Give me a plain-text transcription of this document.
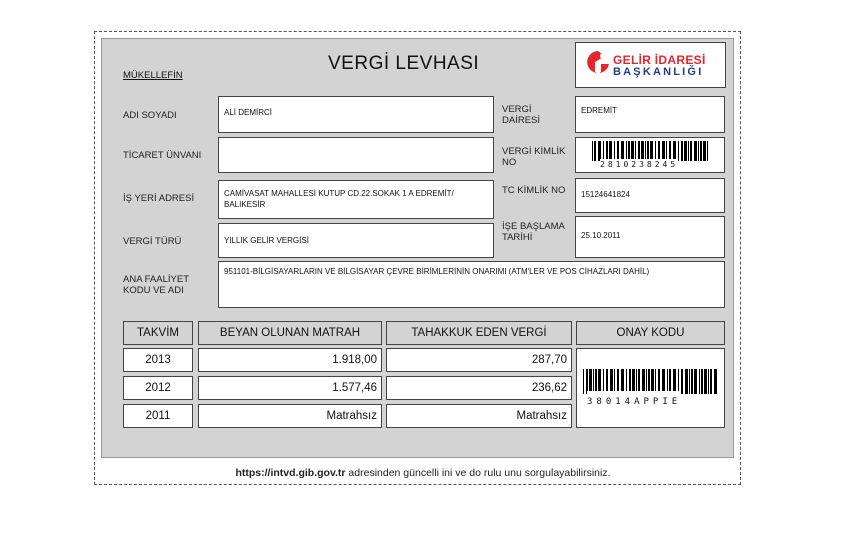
VERGİ LEVHASI
MÜKELLEFİN
GELİR İDARESİ
BAŞKANLIĞI
ADI SOYADI	ALİ DEMİRCİ
TİCARET ÜNVANI
İŞ YERİ ADRESİ	CAMİVASAT MAHALLESİ KUTUP CD.22.SOKAK 1 A EDREMİT/ BALIKESİR
VERGİ TÜRÜ	YILLIK GELİR VERGİSİ
ANA FAALİYET KODU VE ADI
951101-BİLGİSAYARLARIN VE BİLGİSAYAR ÇEVRE BİRİMLERİNİN ONARIMI (ATM'LER VE POS CİHAZLARI DAHİL)
VERGİ DAİRESİ
EDREMİT
VERGİ KİMLİK NO	2810238245
TC KİMLİK NO	15124641824
İŞE BAŞLAMA TARİHİ	25.10.2011
TAKVİM	BEYAN OLUNAN MATRAH	TAHAKKUK EDEN VERGİ	ONAY KODU
2013	1.918,00	287,70
2012	1.577,46	236,62
2011	Matrahsız	Matrahsız
38014APPIE
https://intvd.gib.gov.tr adresinden güncelli ini ve do rulu unu sorgulayabilirsiniz.
